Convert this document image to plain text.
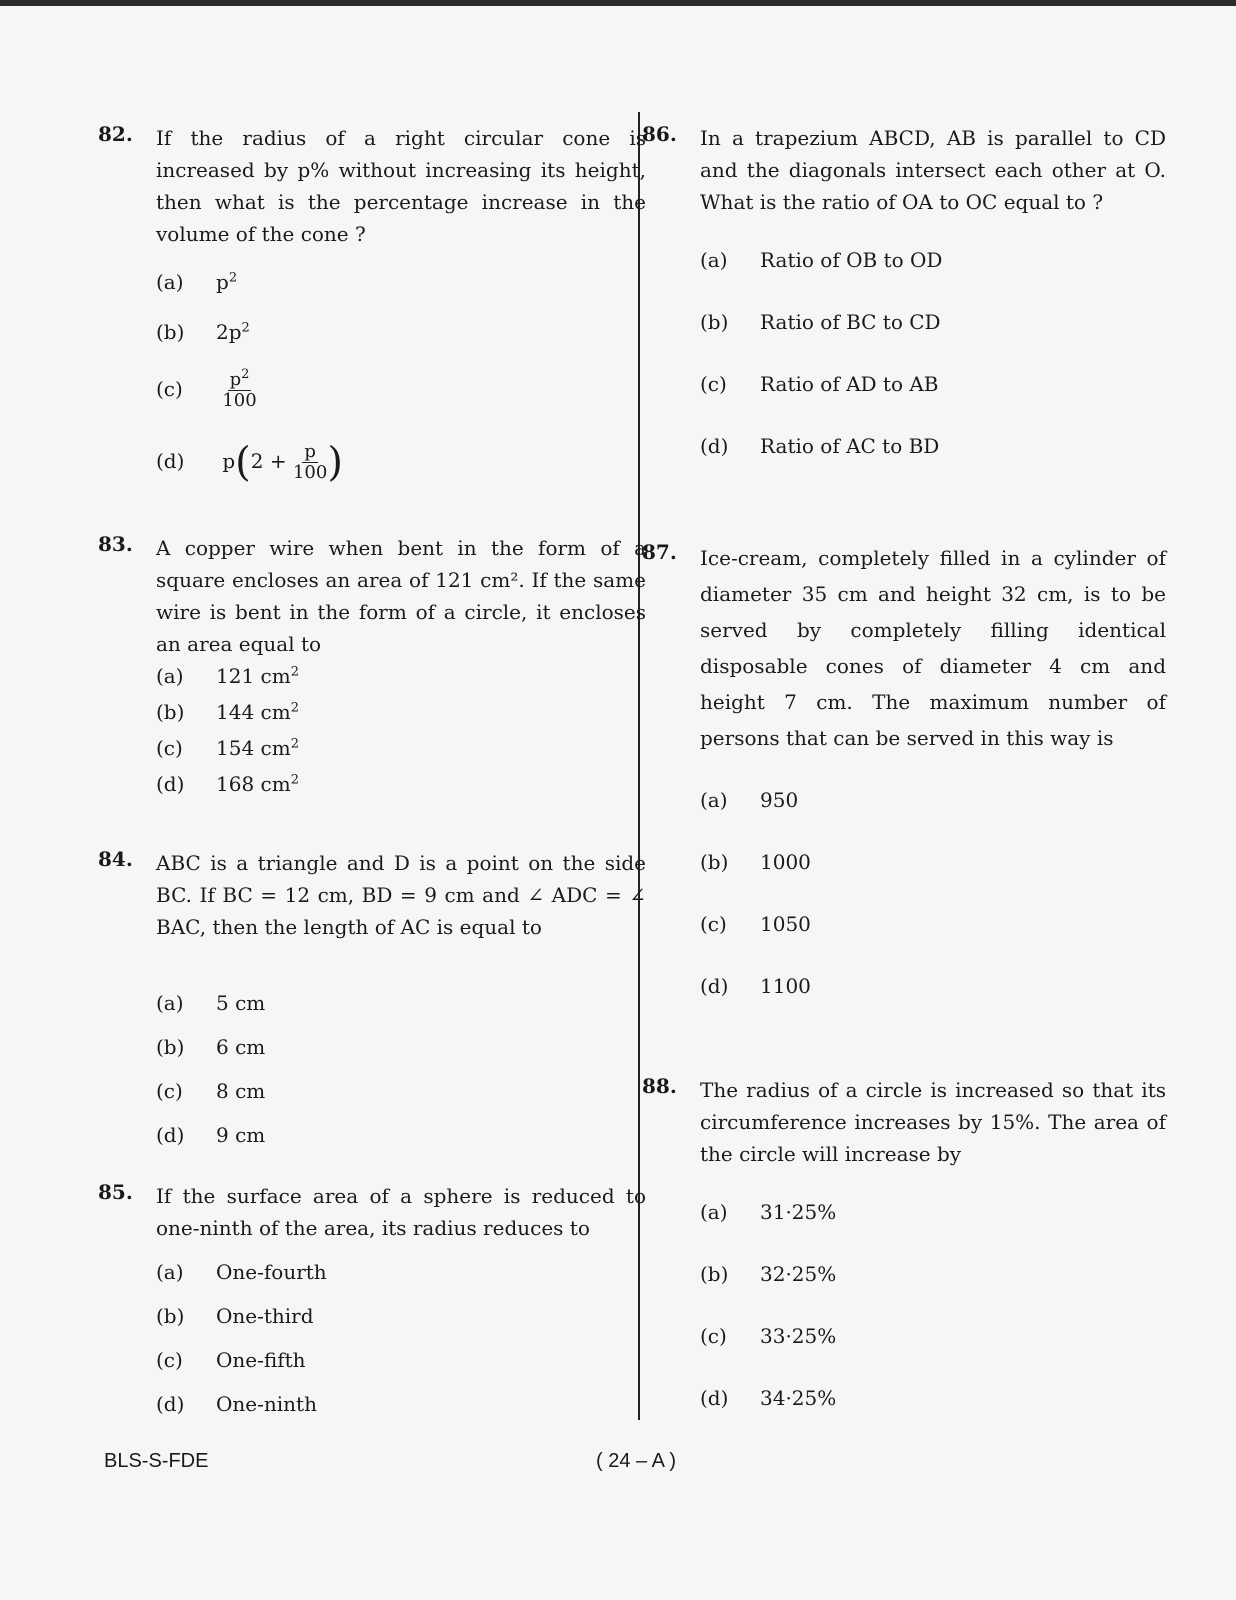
82. If the radius of a right circular cone is increased by p% without increasing its height, then what is the percentage increase in the volume of the cone ?

(a) $p^2$
(b) $2p^2$
$(c) \frac{p^2}{100}$
(d) $p(2 + \frac{p}{100}$ )
83. A copper wire when bent in the form of a square encloses an area of 121 cm². If the same wire is bent in the form of a circle, it encloses an area equal to

(a) 121 $cm^2$
(b) 144 $cm^2$
(c) 154 $cm^2$
(d) 168 $cm^2$
84. ABC is a triangle and D is a point on the side BC. If BC = 12 cm, BD = 9 cm and ∠ ADC = ∠ BAC, then the length of AC is equal to

(a) 5 cm
(b) 6 cm
(c) 8 cm
(d) 9 cm
85. If the surface area of a sphere is reduced to one-ninth of the area, its radius reduces to

(a) One-fourth
(b) One-third
(c) One-fifth
(d) One-ninth
86. In a trapezium ABCD, AB is parallel to CD and the diagonals intersect each other at O. What is the ratio of OA to OC equal to ?

(a) Ratio of OB to OD
(b) Ratio of BC to CD
(c) Ratio of AD to AB
(d) Ratio of AC to BD
87. Ice-cream, completely filled in a cylinder of diameter 35 cm and height 32 cm, is to be served by completely filling identical disposable cones of diameter 4 cm and height 7 cm. The maximum number of persons that can be served in this way is

(a) 950
(b) 1000
(c) 1050
(d) 1100
88. The radius of a circle is increased so that its circumference increases by 15%. The area of the circle will increase by

(a) 31·25%
(b) 32·25%
(c) 33·25%
(d) 34·25%
BLS-S-FDE	( 24 – A )
